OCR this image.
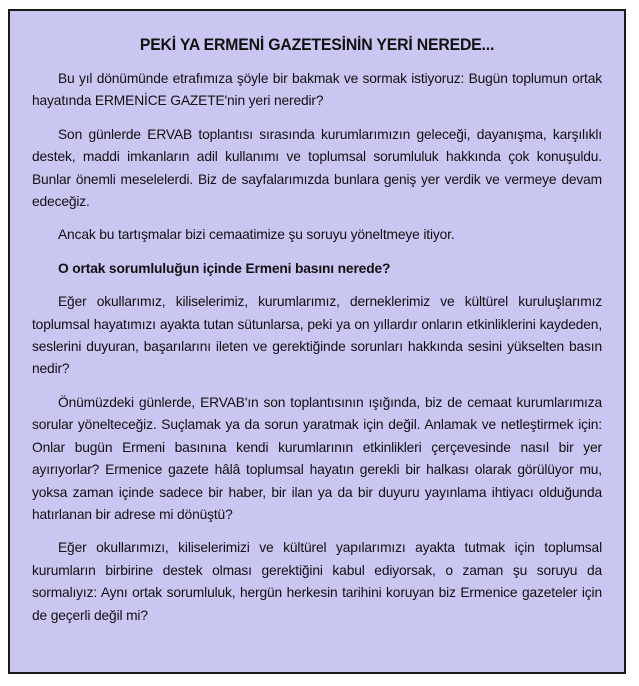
PEKİ YA ERMENİ GAZETESİNİN YERİ NEREDE...

Bu yıl dönümünde etrafımıza şöyle bir bakmak ve sormak istiyoruz: Bugün toplumun ortak hayatında ERMENİCE GAZETE'nin yeri neredir?

Son günlerde ERVAB toplantısı sırasında kurumlarımızın geleceği, dayanışma, karşılıklı destek, maddi imkanların adil kullanımı ve toplumsal sorumluluk hakkında çok konuşuldu. Bunlar önemli meselelerdi. Biz de sayfalarımızda bunlara geniş yer verdik ve vermeye devam edeceğiz.

Ancak bu tartışmalar bizi cemaatimize şu soruyu yöneltmeye itiyor.

O ortak sorumluluğun içinde Ermeni basını nerede?

Eğer okullarımız, kiliselerimiz, kurumlarımız, derneklerimiz ve kültürel kuruluşlarımız toplumsal hayatımızı ayakta tutan sütunlarsa, peki ya on yıllardır onların etkinliklerini kaydeden, seslerini duyuran, başarılarını ileten ve gerektiğinde sorunları hakkında sesini yükselten basın nedir?

Önümüzdeki günlerde, ERVAB'ın son toplantısının ışığında, biz de cemaat kurumlarımıza sorular yönelteceğiz. Suçlamak ya da sorun yaratmak için değil. Anlamak ve netleştirmek için: Onlar bugün Ermeni basınına kendi kurumlarının etkinlikleri çerçevesinde nasıl bir yer ayırıyorlar? Ermenice gazete hâlâ toplumsal hayatın gerekli bir halkası olarak görülüyor mu, yoksa zaman içinde sadece bir haber, bir ilan ya da bir duyuru yayınlama ihtiyacı olduğunda hatırlanan bir adrese mi dönüştü?

Eğer okullarımızı, kiliselerimizi ve kültürel yapılarımızı ayakta tutmak için toplumsal kurumların birbirine destek olması gerektiğini kabul ediyorsak, o zaman şu soruyu da sormalıyız: Aynı ortak sorumluluk, hergün herkesin tarihini koruyan biz Ermenice gazeteler için de geçerli değil mi?
